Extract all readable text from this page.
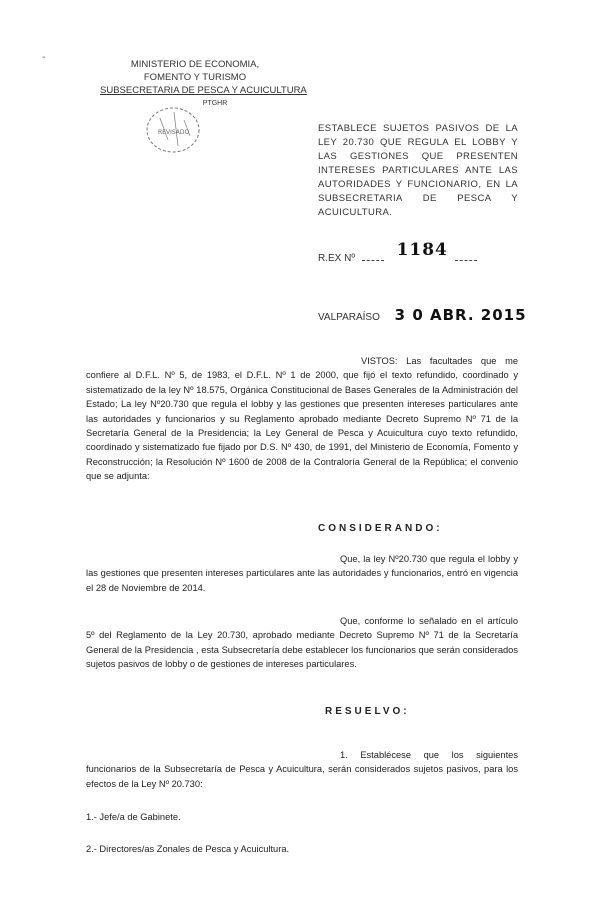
-
MINISTERIO DE ECONOMIA,
FOMENTO Y TURISMO
SUBSECRETARIA DE PESCA Y ACUICULTURA
PTGHR
REVISADO	ESTABLECE SUJETOS PASIVOS DE LA LEY 20.730 QUE REGULA EL LOBBY Y LAS GESTIONES QUE PRESENTEN INTERESES PARTICULARES ANTE LAS AUTORIDADES Y FUNCIONARIO, EN LA SUBSECRETARIA DE PESCA Y ACUICULTURA.
R.EX Nº 1184
VALPARAÍSO 3 0 ABR. 2015
VISTOS: Las facultades que me confiere al D.F.L. Nº 5, de 1983, el D.F.L. Nº 1 de 2000, que fijó el texto refundido, coordinado y sistematizado de la ley Nº 18.575, Orgánica Constitucional de Bases Generales de la Administración del Estado; La ley Nº20.730 que regula el lobby y las gestiones que presenten intereses particulares ante las autoridades y funcionarios y su Reglamento aprobado mediante Decreto Supremo Nº 71 de la Secretaría General de la Presidencia; la Ley General de Pesca y Acuicultura cuyo texto refundido, coordinado y sistematizado fue fijado por D.S. Nº 430, de 1991, del Ministerio de Economía, Fomento y Reconstrucción; la Resolución Nº 1600 de 2008 de la Contraloría General de la República; el convenio que se adjunta:
CONSIDERANDO:
Que, la ley Nº20.730 que regula el lobby y las gestiones que presenten intereses particulares ante las autoridades y funcionarios, entró en vigencia el 28 de Noviembre de 2014.
Que, conforme lo señalado en el artículo 5º del Reglamento de la Ley 20.730, aprobado mediante Decreto Supremo Nº 71 de la Secretaría General de la Presidencia , esta Subsecretaría debe establecer los funcionarios que serán considerados sujetos pasivos de lobby o de gestiones de intereses particulares.
RESUELVO:
1. Establécese que los siguientes funcionarios de la Subsecretaría de Pesca y Acuicultura, serán considerados sujetos pasivos, para los efectos de la Ley Nº 20.730:
1.- Jefe/a de Gabinete.
2.- Directores/as Zonales de Pesca y Acuicultura.
